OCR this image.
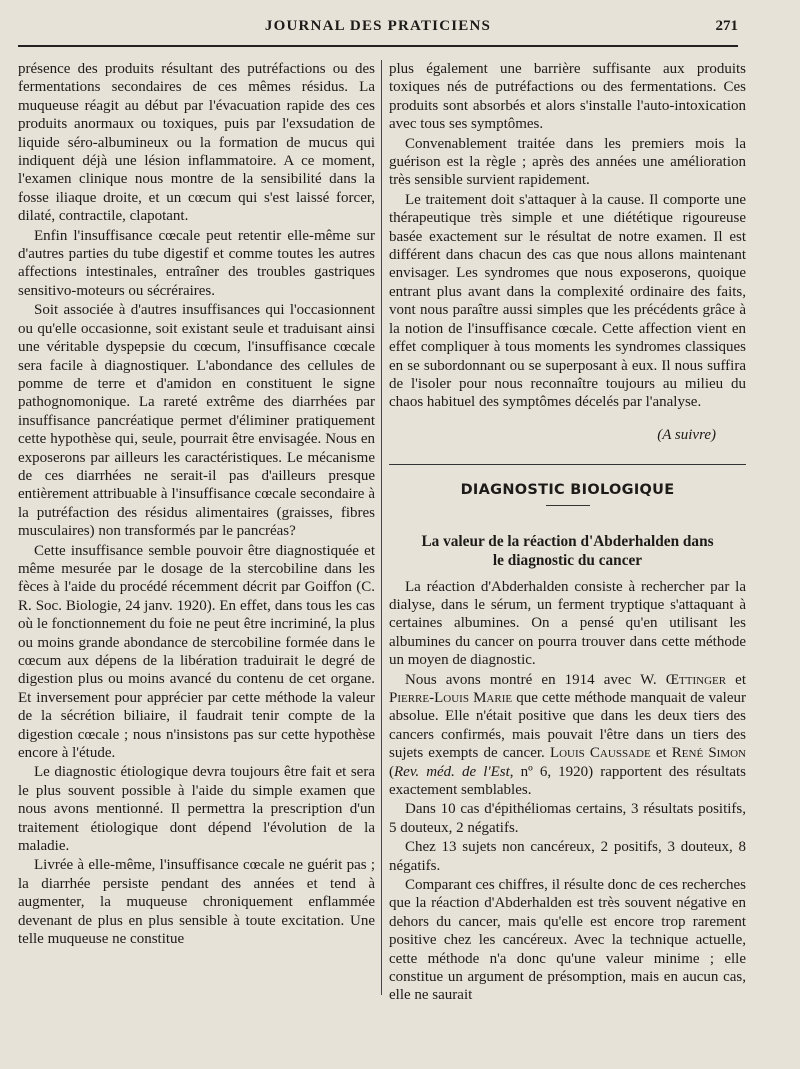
JOURNAL DES PRATICIENS	271

présence des produits résultant des putréfactions ou des fermentations secondaires de ces mêmes résidus. La muqueuse réagit au début par l'évacuation rapide des ces produits anormaux ou toxiques, puis par l'exsudation de liquide séro-albumineux ou la formation de mucus qui indiquent déjà une lésion inflammatoire. A ce moment, l'examen clinique nous montre de la sensibilité dans la fosse iliaque droite, et un cœcum qui s'est laissé forcer, dilaté, contractile, clapotant.

Enfin l'insuffisance cœcale peut retentir elle-même sur d'autres parties du tube digestif et comme toutes les autres affections intestinales, entraîner des troubles gastriques sensitivo-moteurs ou sécréraires.

Soit associée à d'autres insuffisances qui l'occasionnent ou qu'elle occasionne, soit existant seule et traduisant ainsi une véritable dyspepsie du cœcum, l'insuffisance cœcale sera facile à diagnostiquer. L'abondance des cellules de pomme de terre et d'amidon en constituent le signe pathognomonique. La rareté extrême des diarrhées par insuffisance pancréatique permet d'éliminer pratiquement cette hypothèse qui, seule, pourrait être envisagée. Nous en exposerons par ailleurs les caractéristiques. Le mécanisme de ces diarrhées ne serait-il pas d'ailleurs presque entièrement attribuable à l'insuffisance cœcale secondaire à la putréfaction des résidus alimentaires (graisses, fibres musculaires) non transformés par le pancréas?

Cette insuffisance semble pouvoir être diagnostiquée et même mesurée par le dosage de la stercobiline dans les fèces à l'aide du procédé récemment décrit par Goiffon (C. R. Soc. Biologie, 24 janv. 1920). En effet, dans tous les cas où le fonctionnement du foie ne peut être incriminé, la plus ou moins grande abondance de stercobiline formée dans le cœcum aux dépens de la libération traduirait le degré de digestion plus ou moins avancé du contenu de cet organe. Et inversement pour apprécier par cette méthode la valeur de la sécrétion biliaire, il faudrait tenir compte de la digestion cœcale ; nous n'insistons pas sur cette hypothèse encore à l'étude.

Le diagnostic étiologique devra toujours être fait et sera le plus souvent possible à l'aide du simple examen que nous avons mentionné. Il permettra la prescription d'un traitement étiologique dont dépend l'évolution de la maladie.

Livrée à elle-même, l'insuffisance cœcale ne guérit pas ; la diarrhée persiste pendant des années et tend à augmenter, la muqueuse chroniquement enflammée devenant de plus en plus sensible à toute excitation. Une telle muqueuse ne constitue

plus également une barrière suffisante aux produits toxiques nés de putréfactions ou des fermentations. Ces produits sont absorbés et alors s'installe l'auto-intoxication avec tous ses symptômes.

Convenablement traitée dans les premiers mois la guérison est la règle ; après des années une amélioration très sensible survient rapidement.

Le traitement doit s'attaquer à la cause. Il comporte une thérapeutique très simple et une diététique rigoureuse basée exactement sur le résultat de notre examen. Il est différent dans chacun des cas que nous allons maintenant envisager. Les syndromes que nous exposerons, quoique entrant plus avant dans la complexité ordinaire des faits, vont nous paraître aussi simples que les précédents grâce à la notion de l'insuffisance cœcale. Cette affection vient en effet compliquer à tous moments les syndromes classiques en se subordonnant ou se superposant à eux. Il nous suffira de l'isoler pour nous reconnaître toujours au milieu du chaos habituel des symptômes décelés par l'analyse.

(A suivre)
DIAGNOSTIC BIOLOGIQUE
La valeur de la réaction d'Abderhalden dans
le diagnostic du cancer

La réaction d'Abderhalden consiste à rechercher par la dialyse, dans le sérum, un ferment tryptique s'attaquant à certaines albumines. On a pensé qu'en utilisant les albumines du cancer on pourra trouver dans cette méthode un moyen de diagnostic.

Nous avons montré en 1914 avec W. Œttinger et Pierre-Louis Marie que cette méthode manquait de valeur absolue. Elle n'était positive que dans les deux tiers des cancers confirmés, mais pouvait l'être dans un tiers des sujets exempts de cancer. Louis Caussade et René Simon (Rev. méd. de l'Est, nº 6, 1920) rapportent des résultats exactement semblables.

Dans 10 cas d'épithéliomas certains, 3 résultats positifs, 5 douteux, 2 négatifs.

Chez 13 sujets non cancéreux, 2 positifs, 3 douteux, 8 négatifs.

Comparant ces chiffres, il résulte donc de ces recherches que la réaction d'Abderhalden est très souvent négative en dehors du cancer, mais qu'elle est encore trop rarement positive chez les cancéreux. Avec la technique actuelle, cette méthode n'a donc qu'une valeur minime ; elle constitue un argument de présomption, mais en aucun cas, elle ne saurait
